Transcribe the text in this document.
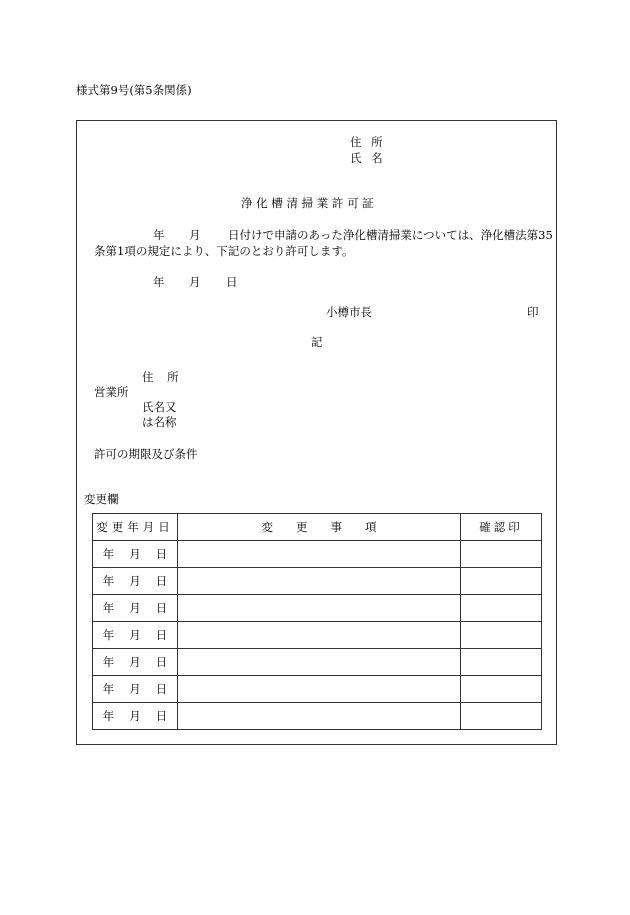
様式第9号(第5条関係)
住 所
氏 名
浄 化 槽 清 掃 業 許 可 証
年 月 日付けで申請のあった浄化槽清掃業については、浄化槽法第35
条第1項の規定により、下記のとおり許可します。
年 月 日
小樽市長	印
記
住 所
営業所
氏名又
は名称
許可の期限及び条件
変更欄
変更年月日	変　　更　　事　　項	確認印
年 月 日		
年 月 日		
年 月 日		
年 月 日		
年 月 日		
年 月 日		
年 月 日		
